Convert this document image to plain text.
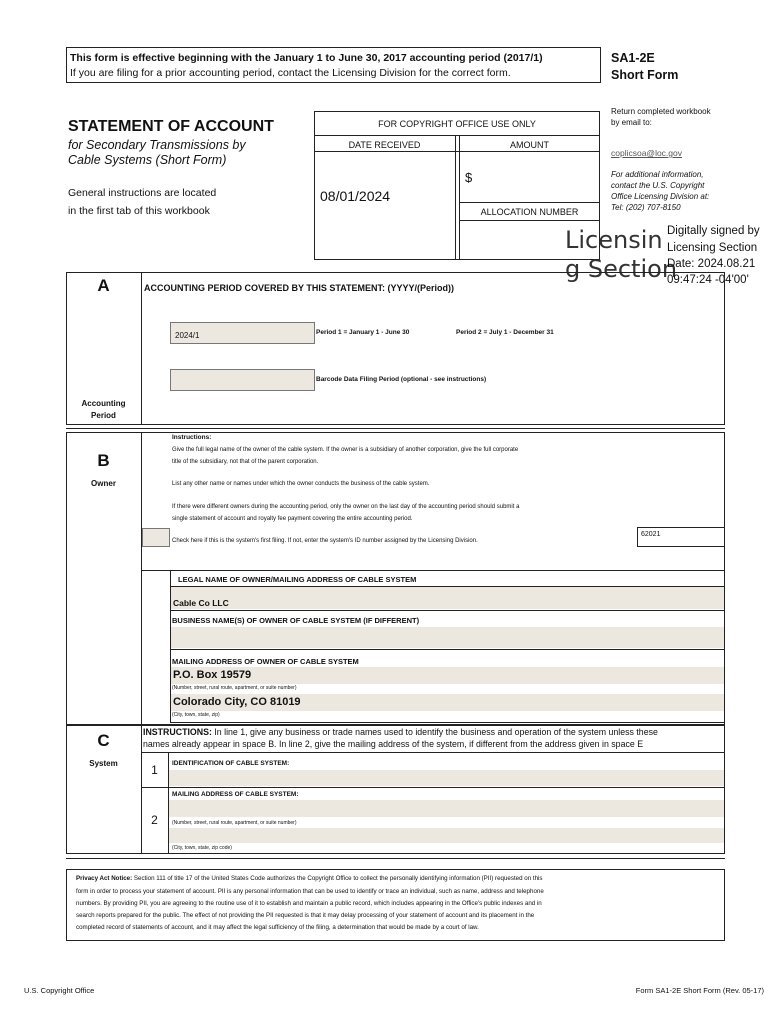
This form is effective beginning with the January 1 to June 30, 2017 accounting period (2017/1)
If you are filing for a prior accounting period, contact the Licensing Division for the correct form.
SA1-2E
Short Form
STATEMENT OF ACCOUNT
for Secondary Transmissions by
Cable Systems (Short Form)
General instructions are located
in the first tab of this workbook
FOR COPYRIGHT OFFICE USE ONLY
DATE RECEIVED	AMOUNT
08/01/2024
$
ALLOCATION NUMBER
Return completed workbook
by email to:
coplicsoa@loc.gov
For additional information,
contact the U.S. Copyright
Office Licensing Division at:
Tel: (202) 707-8150
Licensin
g Section
Digitally signed by
Licensing Section
Date: 2024.08.21
09:47:24 -04'00'
A
Accounting
Period
ACCOUNTING PERIOD COVERED BY THIS STATEMENT: (YYYY/(Period))
2024/1	Period 1 = January 1 - June 30	Period 2 = July 1 - December 31
Barcode Data Filing Period (optional - see instructions)
B
Owner
Instructions:
Give the full legal name of the owner of the cable system. If the owner is a subsidiary of another corporation, give the full corporate
title of the subsidiary, not that of the parent corporation.
List any other name or names under which the owner conducts the business of the cable system.
If there were different owners during the accounting period, only the owner on the last day of the accounting period should submit a
single statement of account and royalty fee payment covering the entire accounting period.
Check here if this is the system's first filing. If not, enter the system's ID number assigned by the Licensing Division.
62021
LEGAL NAME OF OWNER/MAILING ADDRESS OF CABLE SYSTEM
Cable Co LLC
BUSINESS NAME(S) OF OWNER OF CABLE SYSTEM (IF DIFFERENT)
MAILING ADDRESS OF OWNER OF CABLE SYSTEM
P.O. Box 19579
(Number, street, rural route, apartment, or suite number)
Colorado City, CO 81019
(City, town, state, zip)
C
System
INSTRUCTIONS: In line 1, give any business or trade names used to identify the business and operation of the system unless these
names already appear in space B. In line 2, give the mailing address of the system, if different from the address given in space E
1	IDENTIFICATION OF CABLE SYSTEM:
2
MAILING ADDRESS OF CABLE SYSTEM:
(Number, street, rural route, apartment, or suite number)
(City, town, state, zip code)
Privacy Act Notice: Section 111 of title 17 of the United States Code authorizes the Copyright Office to collect the personally identifying information (PII) requested on this
form in order to process your statement of account. PII is any personal information that can be used to identify or trace an individual, such as name, address and telephone
numbers. By providing PII, you are agreeing to the routine use of it to establish and maintain a public record, which includes appearing in the Office's public indexes and in
search reports prepared for the public. The effect of not providing the PII requested is that it may delay processing of your statement of account and its placement in the
completed record of statements of account, and it may affect the legal sufficiency of the filing, a determination that would be made by a court of law.
U.S. Copyright Office	Form SA1-2E Short Form (Rev. 05-17)
